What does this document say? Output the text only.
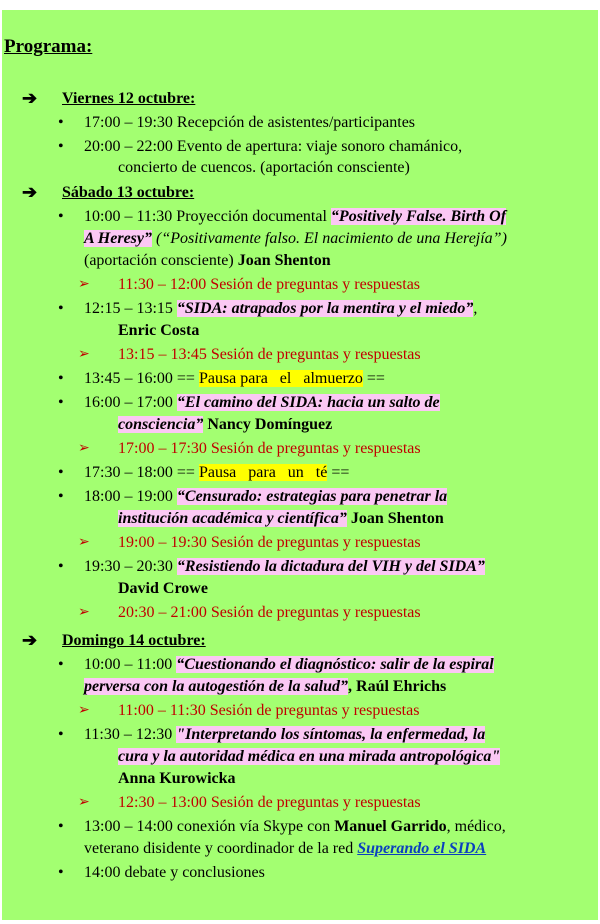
Programa:
➔ Viernes 12 octubre:
• 17:00 – 19:30 Recepción de asistentes/participantes
• 20:00 – 22:00 Evento de apertura: viaje sonoro chamánico,
concierto de cuencos. (aportación consciente)
➔ Sábado 13 octubre:
• 10:00 – 11:30 Proyección documental “Positively False. Birth Of
A Heresy” (“Positivamente falso. El nacimiento de una Herejía”)
(aportación consciente) Joan Shenton
➢ 11:30 – 12:00 Sesión de preguntas y respuestas
• 12:15 – 13:15 “SIDA: atrapados por la mentira y el miedo”,
Enric Costa
➢ 13:15 – 13:45 Sesión de preguntas y respuestas
• 13:45 – 16:00 == Pausa para   el   almuerzo ==
• 16:00 – 17:00 “El camino del SIDA: hacia un salto de
consciencia” Nancy Domínguez
➢ 17:00 – 17:30 Sesión de preguntas y respuestas
• 17:30 – 18:00 == Pausa   para   un   té ==
• 18:00 – 19:00 “Censurado: estrategias para penetrar la
institución académica y científica” Joan Shenton
➢ 19:00 – 19:30 Sesión de preguntas y respuestas
• 19:30 – 20:30 “Resistiendo la dictadura del VIH y del SIDA”
David Crowe
➢ 20:30 – 21:00 Sesión de preguntas y respuestas
➔ Domingo 14 octubre:
• 10:00 – 11:00 “Cuestionando el diagnóstico: salir de la espiral
perversa con la autogestión de la salud”, Raúl Ehrichs
➢ 11:00 – 11:30 Sesión de preguntas y respuestas
• 11:30 – 12:30 "Interpretando los síntomas, la enfermedad, la
cura y la autoridad médica en una mirada antropológica"
Anna Kurowicka
➢ 12:30 – 13:00 Sesión de preguntas y respuestas
• 13:00 – 14:00 conexión vía Skype con Manuel Garrido, médico,
veterano disidente y coordinador de la red Superando el SIDA
• 14:00 debate y conclusiones
